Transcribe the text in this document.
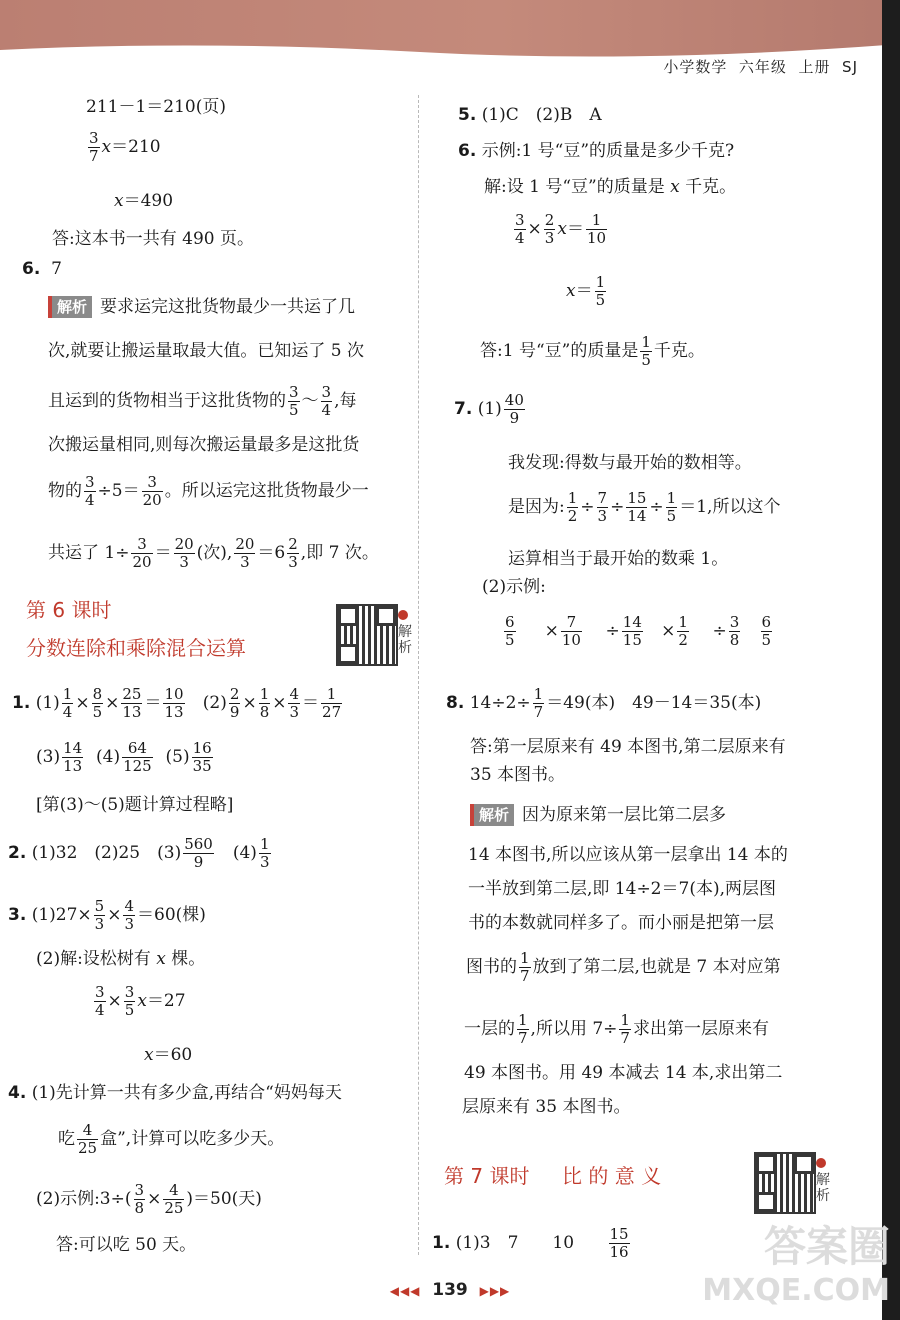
小学数学 六年级 上册 SJ
211－1＝210(页)
$\frac{3}{7} x=210$
x＝490
答:这本书一共有 490 页。
6. 7
解析 要求运完这批货物最少一共运了几
次,就要让搬运量取最大值。已知运了 5 次
且运到的货物相当于这批货物的 $\frac{3}{5}$ ～ $\frac{3}{4}$ ,每
次搬运量相同,则每次搬运量最多是这批货
物的 $\frac{3}{4} \div 5= \frac{3}{20}$ 。所以运完这批货物最少一
共运了 $1\div \frac{3}{20} = \frac{20}{3}$ (次), $\frac{20}{3} =6 \frac{2}{3}$ ,即 7 次。
第 6 课时
分数连除和乘除混合运算
解析
1. $(1) \frac{1}{4} \times \frac{8}{5} \times \frac{25}{13} = \frac{10}{13} (2) \frac{2}{9} \times \frac{1}{8} \times \frac{4}{3} = \frac{1}{27}$
$(3) \frac{14}{13} (4) \frac{64}{125} (5) \frac{16}{35}$
[第(3)～(5)题计算过程略]
2. (1)32　(2)25　$(3) \frac{560}{9}$ 　$(4) \frac{1}{3}$
3. $(1)27\times \frac{5}{3} \times \frac{4}{3} =60$(棵)
(2)解:设松树有 x 棵。
$\frac{3}{4} \times \frac{3}{5} x=27$
x＝60
4. (1)先计算一共有多少盒,再结合“妈妈每天
吃 $\frac{4}{25}$ 盒”,计算可以吃多少天。
(2)示例:3÷( $\frac{3}{8} \times \frac{4}{25} )=50$(天)
答:可以吃 50 天。
5. (1)C　(2)B　A
6. 示例:1 号“豆”的质量是多少千克?
解:设 1 号“豆”的质量是 x 千克。
$\frac{3}{4} \times \frac{2}{3} x= \frac{1}{10}$
$x= \frac{1}{5}$
答:1 号“豆”的质量是 $\frac{1}{5}$ 千克。
7. $(1) \frac{40}{9}$
我发现:得数与最开始的数相等。
是因为: $\frac{1}{2} \div \frac{7}{3} \div \frac{15}{14} \div \frac{1}{5} =1$,所以这个
运算相当于最开始的数乘 1。
(2)示例:
$\frac{6}{5} \times \frac{7}{10} \div \frac{14}{15} \times \frac{1}{2} \div \frac{3}{8}$
$\frac{6}{5}$
8. $14\div 2\div \frac{1}{7} =49$(本)　49－14＝35(本)
答:第一层原来有 49 本图书,第二层原来有
35 本图书。
解析 因为原来第一层比第二层多
14 本图书,所以应该从第一层拿出 14 本的
一半放到第二层,即 14÷2＝7(本),两层图
书的本数就同样多了。而小丽是把第一层
图书的 $\frac{1}{7}$ 放到了第二层,也就是 7 本对应第
一层的 $\frac{1}{7}$ ,所以用 $7\div \frac{1}{7}$ 求出第一层原来有
49 本图书。用 49 本减去 14 本,求出第二
层原来有 35 本图书。
第 7 课时 比 的 意 义	解析
1. (1)3　7　　$10 \frac{15}{16}$	答案圈
MXQE.COM
◀◀◀ 139 ▶▶▶
